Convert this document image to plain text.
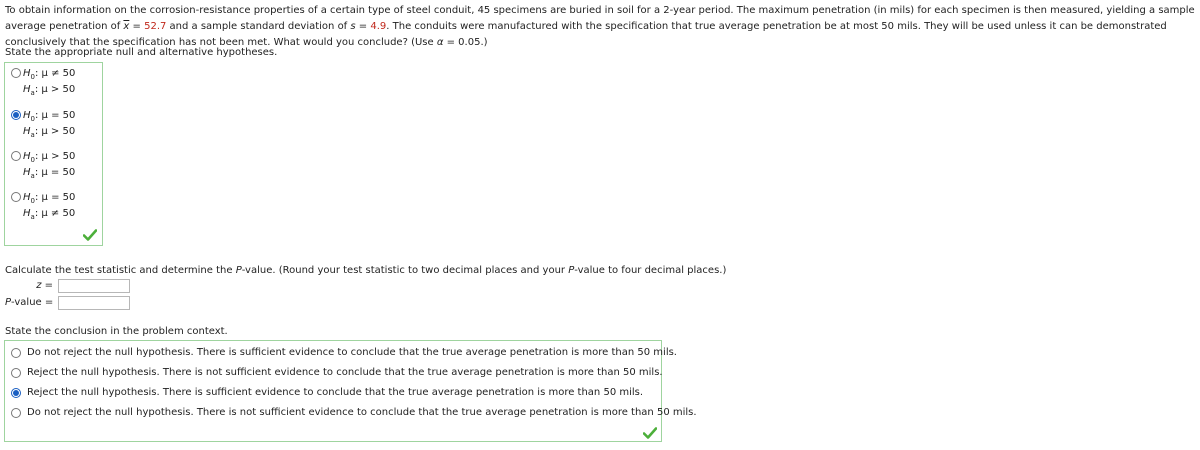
To obtain information on the corrosion-resistance properties of a certain type of steel conduit, 45 specimens are buried in soil for a 2-year period. The maximum penetration (in mils) for each specimen is then measured, yielding a sample average penetration of $\overline{x} = 52.7$ and a sample standard deviation of s = 4.9. The conduits were manufactured with the specification that true average penetration be at most 50 mils. They will be used unless it can be demonstrated conclusively that the specification has not been met. What would you conclude? (Use α = 0.05.)
State the appropriate null and alternative hypotheses.
$H_0$: μ ≠ 50
$H_a$: μ > 50
$H_0$: μ = 50
$H_a$: μ > 50
$H_0$: μ > 50
$H_a$: μ = 50
$H_0$: μ = 50
$H_a$: μ ≠ 50
Calculate the test statistic and determine the P-value. (Round your test statistic to two decimal places and your P-value to four decimal places.)
z =
P-value =
State the conclusion in the problem context.
Do not reject the null hypothesis. There is sufficient evidence to conclude that the true average penetration is more than 50 mils.
Reject the null hypothesis. There is not sufficient evidence to conclude that the true average penetration is more than 50 mils.
Reject the null hypothesis. There is sufficient evidence to conclude that the true average penetration is more than 50 mils.
Do not reject the null hypothesis. There is not sufficient evidence to conclude that the true average penetration is more than 50 mils.
